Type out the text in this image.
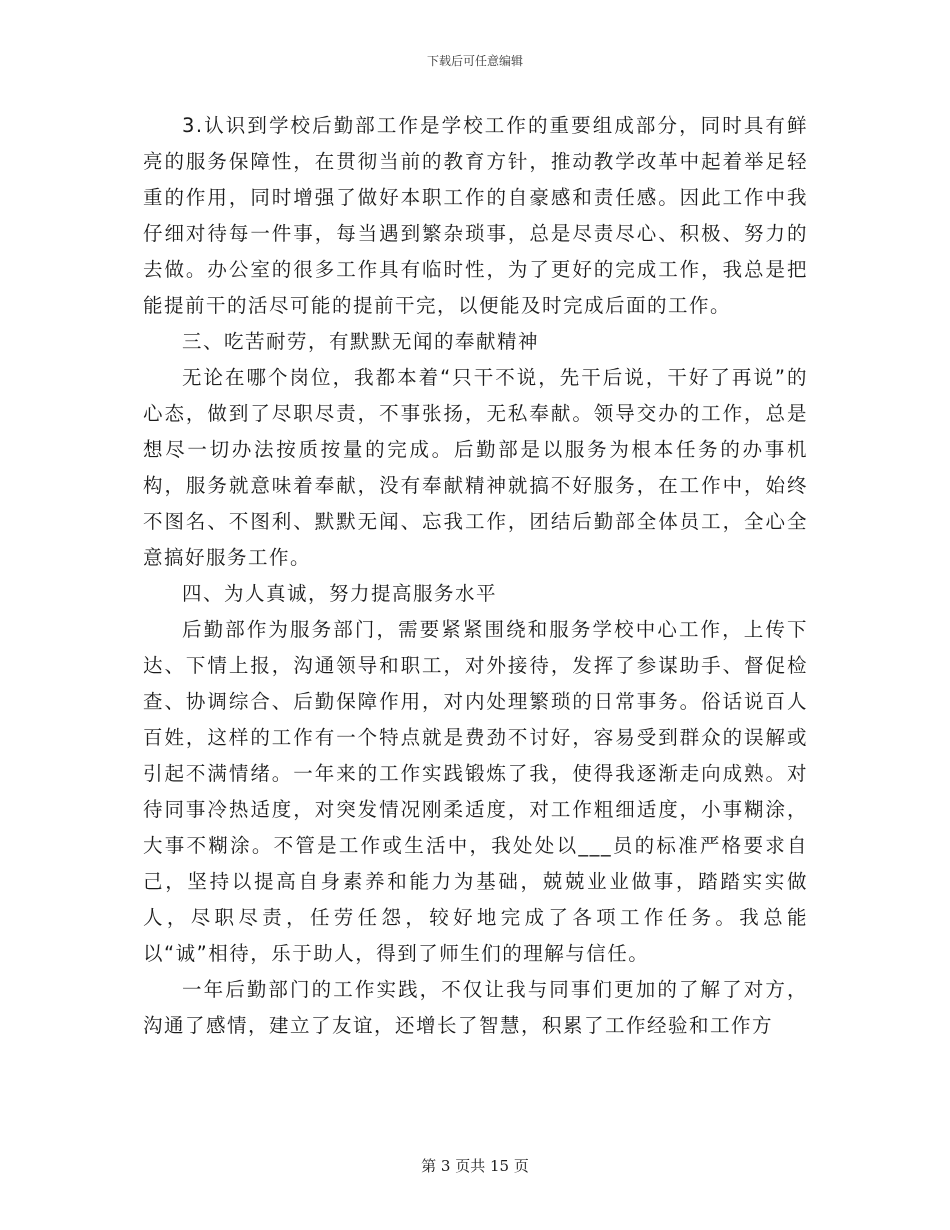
下载后可任意编辑

3.认识到学校后勤部工作是学校工作的重要组成部分，同时具有鲜亮的服务保障性，在贯彻当前的教育方针，推动教学改革中起着举足轻重的作用，同时增强了做好本职工作的自豪感和责任感。因此工作中我仔细对待每一件事，每当遇到繁杂琐事，总是尽责尽心、积极、努力的去做。办公室的很多工作具有临时性，为了更好的完成工作，我总是把能提前干的活尽可能的提前干完，以便能及时完成后面的工作。

三、吃苦耐劳，有默默无闻的奉献精神

无论在哪个岗位，我都本着“只干不说，先干后说，干好了再说”的心态，做到了尽职尽责，不事张扬，无私奉献。领导交办的工作，总是想尽一切办法按质按量的完成。后勤部是以服务为根本任务的办事机构，服务就意味着奉献，没有奉献精神就搞不好服务，在工作中，始终不图名、不图利、默默无闻、忘我工作，团结后勤部全体员工，全心全意搞好服务工作。

四、为人真诚，努力提高服务水平

后勤部作为服务部门，需要紧紧围绕和服务学校中心工作，上传下达、下情上报，沟通领导和职工，对外接待，发挥了参谋助手、督促检查、协调综合、后勤保障作用，对内处理繁琐的日常事务。俗话说百人百姓，这样的工作有一个特点就是费劲不讨好，容易受到群众的误解或引起不满情绪。一年来的工作实践锻炼了我，使得我逐渐走向成熟。对待同事冷热适度，对突发情况刚柔适度，对工作粗细适度，小事糊涂，大事不糊涂。不管是工作或生活中，我处处以___员的标准严格要求自己，坚持以提高自身素养和能力为基础，兢兢业业做事，踏踏实实做人，尽职尽责，任劳任怨，较好地完成了各项工作任务。我总能以“诚”相待，乐于助人，得到了师生们的理解与信任。

一年后勤部门的工作实践，不仅让我与同事们更加的了解了对方，沟通了感情，建立了友谊，还增长了智慧，积累了工作经验和工作方

第 3 页共 15 页
